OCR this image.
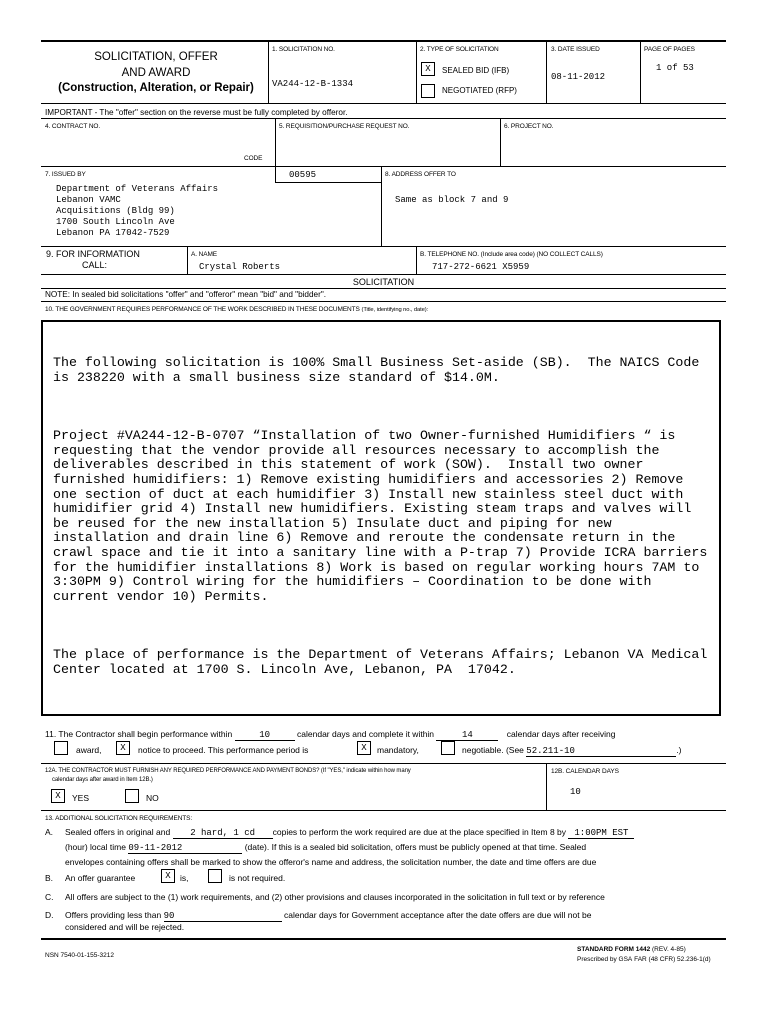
SOLICITATION, OFFER
AND AWARD
(Construction, Alteration, or Repair)
1. SOLICITATION NO.
VA244-12-B-1334
2. TYPE OF SOLICITATION
X	SEALED BID (IFB)
NEGOTIATED (RFP)
3. DATE ISSUED
08-11-2012
PAGE OF PAGES
1 of 53
IMPORTANT - The "offer" section on the reverse must be fully completed by offeror.
4. CONTRACT NO.	5. REQUISITION/PURCHASE REQUEST NO.	6. PROJECT NO.
CODE
7. ISSUED BY	00595	8. ADDRESS OFFER TO
Department of Veterans Affairs
Lebanon VAMC
Acquisitions (Bldg 99)
1700 South Lincoln Ave
Lebanon PA 17042-7529
Same as block 7 and 9
9. FOR INFORMATION
CALL:
A. NAME
Crystal Roberts
B. TELEPHONE NO. (Include area code) (NO COLLECT CALLS)
717-272-6621 X5959
SOLICITATION
NOTE: In sealed bid solicitations "offer" and "offeror" mean "bid" and "bidder".
10. THE GOVERNMENT REQUIRES PERFORMANCE OF THE WORK DESCRIBED IN THESE DOCUMENTS (Title, identifying no., date):

The following solicitation is 100% Small Business Set-aside (SB).  The NAICS Code is 238220 with a small business size standard of $14.0M.

Project #VA244-12-B-0707 “Installation of two Owner-furnished Humidifiers “ is requesting that the vendor provide all resources necessary to accomplish the deliverables described in this statement of work (SOW).  Install two owner furnished humidifiers: 1) Remove existing humidifiers and accessories 2) Remove one section of duct at each humidifier 3) Install new stainless steel duct with humidifier grid 4) Install new humidifiers. Existing steam traps and valves will be reused for the new installation 5) Insulate duct and piping for new installation and drain line 6) Remove and reroute the condensate return in the crawl space and tie it into a sanitary line with a P-trap 7) Provide ICRA barriers for the humidifier installations 8) Work is based on regular working hours 7AM to 3:30PM 9) Control wiring for the humidifiers – Coordination to be done with current vendor 10) Permits.

The place of performance is the Department of Veterans Affairs; Lebanon VA Medical Center located at 1700 S. Lincoln Ave, Lebanon, PA  17042.

11. The Contractor shall begin performance within	10	calendar days and complete it within	14	calendar days after receiving
award,	X	notice to proceed. This performance period is	X	mandatory,	negotiable. (See 52.211-10	.)
12A. THE CONTRACTOR MUST FURNISH ANY REQUIRED PERFORMANCE AND PAYMENT BONDS? (If "YES," indicate within how many
calendar days after award in Item 12B.)
X	YES	NO
12B. CALENDAR DAYS
10
13. ADDITIONAL SOLICITATION REQUIREMENTS:
A. Sealed offers in original and 2 hard, 1 cd copies to perform the work required are due at the place specified in Item 8 by 1:00PM EST
(hour) local time 09-11-2012	(date). If this is a sealed bid solicitation, offers must be publicly opened at that time. Sealed
envelopes containing offers shall be marked to show the offeror's name and address, the solicitation number, the date and time offers are due
B. An offer guarantee	X	is,	is not required.
C. All offers are subject to the (1) work requirements, and (2) other provisions and clauses incorporated in the solicitation in full text or by reference
D. Offers providing less than 90	calendar days for Government acceptance after the date offers are due will not be
considered and will be rejected.
NSN 7540-01-155-3212
STANDARD FORM 1442 (REV. 4-85)
Prescribed by GSA FAR (48 CFR) 52.236-1(d)
